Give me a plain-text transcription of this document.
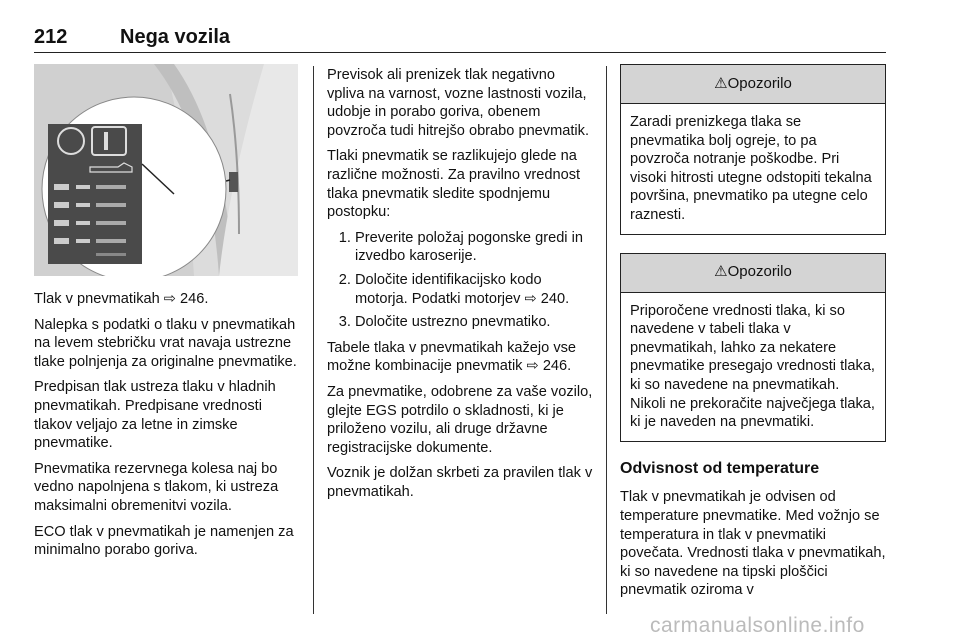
212	Nega vozila

Tlak v pnevmatikah ⇨ 246.

Nalepka s podatki o tlaku v pnevmatikah na levem stebričku vrat navaja ustrezne tlake polnjenja za originalne pnevmatike.

Predpisan tlak ustreza tlaku v hladnih pnevmatikah. Predpisane vrednosti tlakov veljajo za letne in zimske pnevmatike.

Pnevmatika rezervnega kolesa naj bo vedno napolnjena s tlakom, ki ustreza maksimalni obremenitvi vozila.

ECO tlak v pnevmatikah je namenjen za minimalno porabo goriva.

Previsok ali prenizek tlak negativno vpliva na varnost, vozne lastnosti vozila, udobje in porabo goriva, obenem povzroča tudi hitrejšo obrabo pnevmatik.

Tlaki pnevmatik se razlikujejo glede na različne možnosti. Za pravilno vrednost tlaka pnevmatik sledite spodnjemu postopku:

1. Preverite položaj pogonske gredi in izvedbo karoserije.
2. Določite identifikacijsko kodo motorja. Podatki motorjev ⇨ 240.
3. Določite ustrezno pnevmatiko.

Tabele tlaka v pnevmatikah kažejo vse možne kombinacije pnevmatik ⇨ 246.

Za pnevmatike, odobrene za vaše vozilo, glejte EGS potrdilo o skladnosti, ki je priloženo vozilu, ali druge državne registracijske dokumente.

Voznik je dolžan skrbeti za pravilen tlak v pnevmatikah.

⚠Opozorilo
Zaradi prenizkega tlaka se pnevmatika bolj ogreje, to pa povzroča notranje poškodbe. Pri visoki hitrosti utegne odstopiti tekalna površina, pnevmatiko pa utegne celo raznesti.
⚠Opozorilo
Priporočene vrednosti tlaka, ki so navedene v tabeli tlaka v pnevmatikah, lahko za nekatere pnevmatike presegajo vrednosti tlaka, ki so navedene na pnevmatikah. Nikoli ne prekoračite največjega tlaka, ki je naveden na pnevmatiki.
Odvisnost od temperature

Tlak v pnevmatikah je odvisen od temperature pnevmatike. Med vožnjo se temperatura in tlak v pnevmatiki povečata. Vrednosti tlaka v pnevmatikah, ki so navedene na tipski ploščici pnevmatik oziroma v

carmanualsonline.info
